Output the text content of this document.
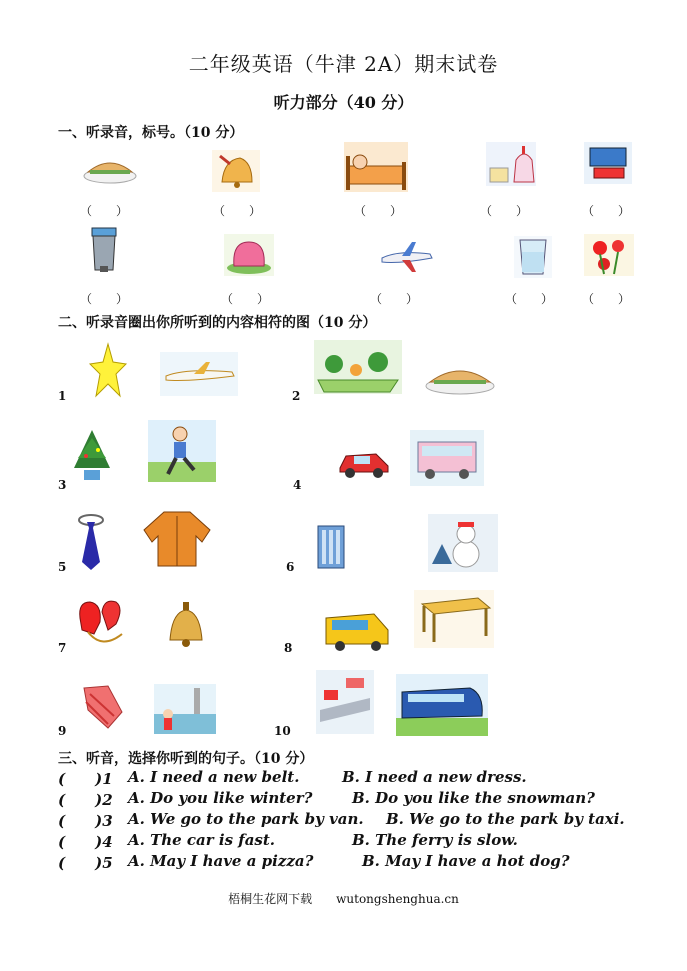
二年级英语（牛津 2A）期末试卷
听力部分（40 分）
一、听录音，标号。（10 分）
（　　）	（　　）	（　　）	（　　）	（　　）
（　　）	（　　）	（　　）	（　　） （　　）
二、听录音圈出你所听到的内容相符的图（10 分）
1	2
3	4
5	6
7	8
9	10
三、听音，选择你听到的句子。（10 分）
(　　)1 A. I need a new belt.	B. I need a new dress.
(　　)2 A. Do you like winter?	B. Do you like the snowman?
(　　)3 A. We go to the park by van. B. We go to the park by taxi.
(　　)4 A. The car is fast.	B. The ferry is slow.
(　　)5 A. May I have a pizza?	B. May I have a hot dog?
梧桐生花网下载　　wutongshenghua.cn
